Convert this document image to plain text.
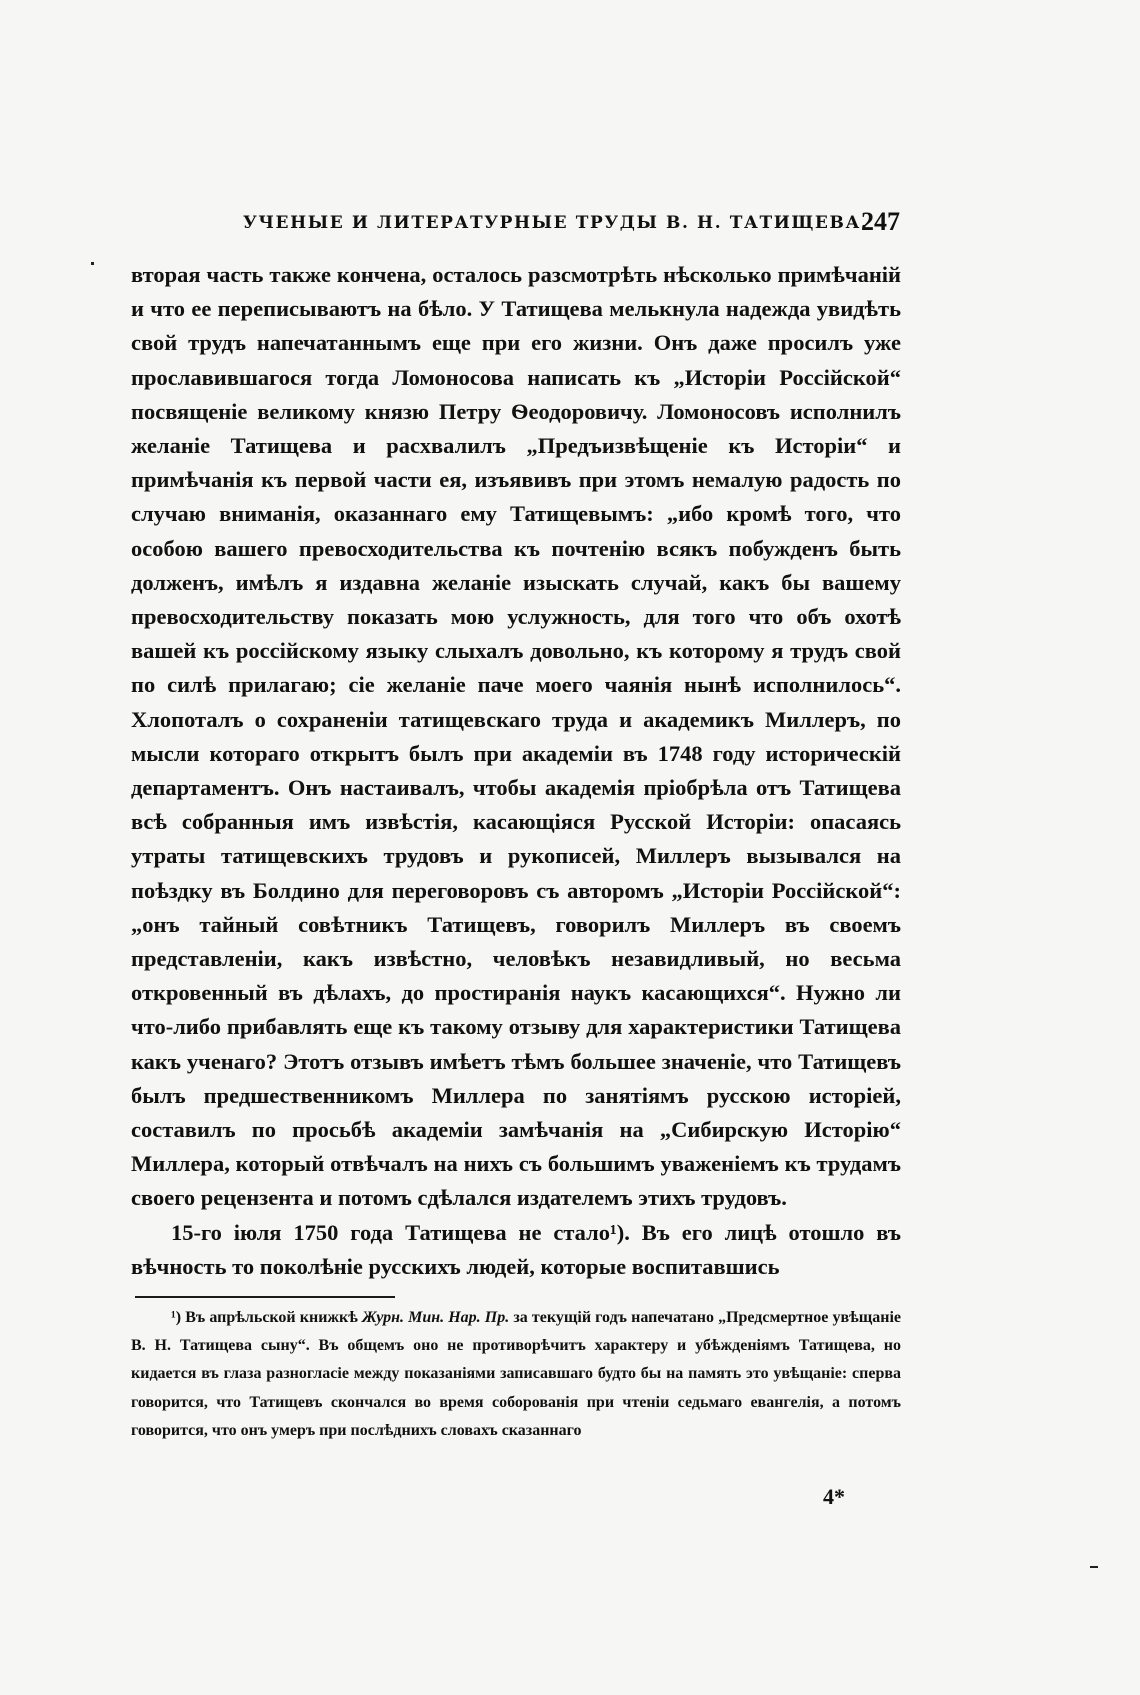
УЧЕНЫЕ И ЛИТЕРАТУРНЫЕ ТРУДЫ В. Н. ТАТИЩЕВА.
247

вторая часть также кончена, осталось разсмотрѣть нѣсколько примѣчаній и что ее переписываютъ на бѣло. У Татищева мелькнула надежда увидѣть свой трудъ напечатаннымъ еще при его жизни. Онъ даже просилъ уже прославившагося тогда Ломоносова написать къ „Исторіи Россійской“ посвященіе великому князю Петру Ѳеодоровичу. Ломоносовъ исполнилъ желаніе Татищева и расхвалилъ „Предъизвѣщеніе къ Исторіи“ и примѣчанія къ первой части ея, изъявивъ при этомъ немалую радость по случаю вниманія, оказаннаго ему Татищевымъ: „ибо кромѣ того, что особою вашего превосходительства къ почтенію всякъ побужденъ быть долженъ, имѣлъ я издавна желаніе изыскать случай, какъ бы вашему превосходительству показать мою услужность, для того что объ охотѣ вашей къ россійскому языку слыхалъ довольно, къ которому я трудъ свой по силѣ прилагаю; сіе желаніе паче моего чаянія нынѣ исполнилось“. Хлопоталъ о сохраненіи татищевскаго труда и академикъ Миллеръ, по мысли котораго открытъ былъ при академіи въ 1748 году историческій департаментъ. Онъ настаивалъ, чтобы академія пріобрѣла отъ Татищева всѣ собранныя имъ извѣстія, касающіяся Русской Исторіи: опасаясь утраты татищевскихъ трудовъ и рукописей, Миллеръ вызывался на поѣздку въ Болдино для переговоровъ съ авторомъ „Исторіи Россійской“: „онъ тайный совѣтникъ Татищевъ, говорилъ Миллеръ въ своемъ представленіи, какъ извѣстно, человѣкъ незавидливый, но весьма откровенный въ дѣлахъ, до простиранія наукъ касающихся“. Нужно ли что-либо прибавлять еще къ такому отзыву для характеристики Татищева какъ ученаго? Этотъ отзывъ имѣетъ тѣмъ большее значеніе, что Татищевъ былъ предшественникомъ Миллера по занятіямъ русскою исторіей, составилъ по просьбѣ академіи замѣчанія на „Сибирскую Исторію“ Миллера, который отвѣчалъ на нихъ съ большимъ уваженіемъ къ трудамъ своего рецензента и потомъ сдѣлался издателемъ этихъ трудовъ.

15-го іюля 1750 года Татищева не стало¹). Въ его лицѣ отошло въ вѣчность то поколѣніе русскихъ людей, которые воспитавшись

¹) Въ апрѣльской книжкѣ Журн. Мин. Нар. Пр. за текущій годъ напечатано „Предсмертное увѣщаніе В. Н. Татищева сыну“. Въ общемъ оно не противорѣчитъ характеру и убѣжденіямъ Татищева, но кидается въ глаза разногласіе между показаніями записавшаго будто бы на память это увѣщаніе: сперва говорится, что Татищевъ скончался во время соборованія при чтеніи седьмаго евангелія, а потомъ говорится, что онъ умеръ при послѣднихъ словахъ сказаннаго
4*
